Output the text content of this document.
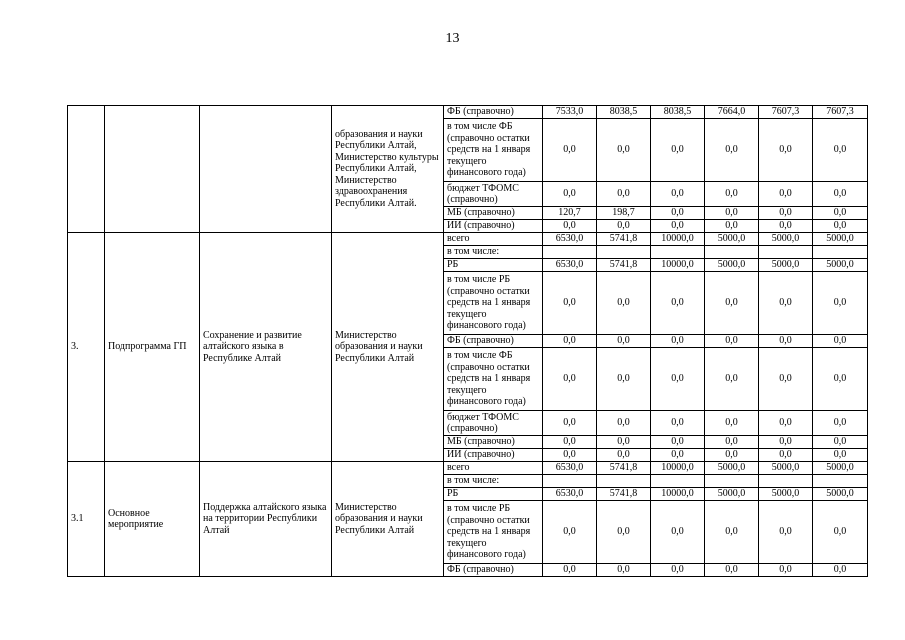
13
			образования и науки Республики Алтай, Министерство культуры Республики Алтай, Министерство здравоохранения Республики Алтай.	ФБ (справочно)	7533,0	8038,5	8038,5	7664,0	7607,3	7607,3
				в том числе ФБ (справочно остатки средств на 1 января текущего финансового года)	0,0	0,0	0,0	0,0	0,0	0,0
				бюджет ТФОМС (справочно)	0,0	0,0	0,0	0,0	0,0	0,0
				МБ (справочно)	120,7	198,7	0,0	0,0	0,0	0,0
				ИИ (справочно)	0,0	0,0	0,0	0,0	0,0	0,0
3.	Подпрограмма ГП	Сохранение и развитие алтайского языка в Республике Алтай	Министерство образования и науки Республики Алтай	всего	6530,0	5741,8	10000,0	5000,0	5000,0	5000,0
				в том числе:						
				РБ	6530,0	5741,8	10000,0	5000,0	5000,0	5000,0
				в том числе РБ (справочно остатки средств на 1 января текущего финансового года)	0,0	0,0	0,0	0,0	0,0	0,0
				ФБ (справочно)	0,0	0,0	0,0	0,0	0,0	0,0
				в том числе ФБ (справочно остатки средств на 1 января текущего финансового года)	0,0	0,0	0,0	0,0	0,0	0,0
				бюджет ТФОМС (справочно)	0,0	0,0	0,0	0,0	0,0	0,0
				МБ (справочно)	0,0	0,0	0,0	0,0	0,0	0,0
				ИИ (справочно)	0,0	0,0	0,0	0,0	0,0	0,0
3.1	Основное мероприятие	Поддержка алтайского языка на территории Республики Алтай	Министерство образования и науки Республики Алтай	всего	6530,0	5741,8	10000,0	5000,0	5000,0	5000,0
				в том числе:						
				РБ	6530,0	5741,8	10000,0	5000,0	5000,0	5000,0
				в том числе РБ (справочно остатки средств на 1 января текущего финансового года)	0,0	0,0	0,0	0,0	0,0	0,0
				ФБ (справочно)	0,0	0,0	0,0	0,0	0,0	0,0
